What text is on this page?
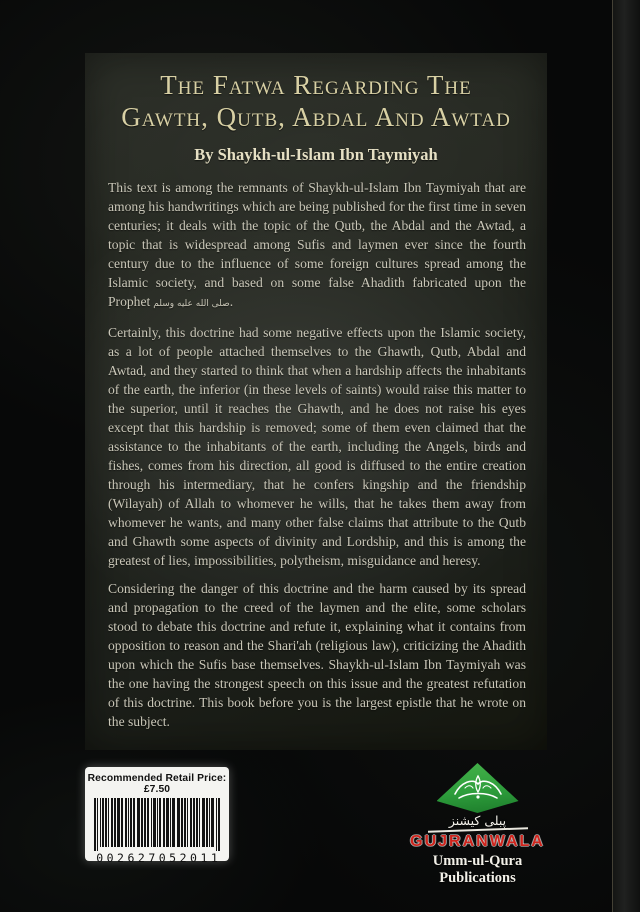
The Fatwa Regarding The
Gawth, Qutb, Abdal And Awtad
By Shaykh-ul-Islam Ibn Taymiyah

This text is among the remnants of Shaykh-ul-Islam Ibn Taymiyah that are among his handwritings which are being published for the first time in seven centuries; it deals with the topic of the Qutb, the Abdal and the Awtad, a topic that is widespread among Sufis and laymen ever since the fourth century due to the influence of some foreign cultures spread among the Islamic society, and based on some false Ahadith fabricated upon the Prophet صلى الله عليه وسلم.

Certainly, this doctrine had some negative effects upon the Islamic society, as a lot of people attached themselves to the Ghawth, Qutb, Abdal and Awtad, and they started to think that when a hardship affects the inhabitants of the earth, the inferior (in these levels of saints) would raise this matter to the superior, until it reaches the Ghawth, and he does not raise his eyes except that this hardship is removed; some of them even claimed that the assistance to the inhabitants of the earth, including the Angels, birds and fishes, comes from his direction, all good is diffused to the entire creation through his intermediary, that he confers kingship and the friendship (Wilayah) of Allah to whomever he wills, that he takes them away from whomever he wants, and many other false claims that attribute to the Qutb and Ghawth some aspects of divinity and Lordship, and this is among the greatest of lies, impossibilities, polytheism, misguidance and heresy.

Considering the danger of this doctrine and the harm caused by its spread and propagation to the creed of the laymen and the elite, some scholars stood to debate this doctrine and refute it, explaining what it contains from opposition to reason and the Shari'ah (religious law), criticizing the Ahadith upon which the Sufis base themselves. Shaykh-ul-Islam Ibn Taymiyah was the one having the strongest speech on this issue and the greatest refutation of this doctrine. This book before you is the largest epistle that he wrote on the subject.

Recommended Retail Price: £7.50
002627052011
پبلی کیشنز
GUJRANWALA
Umm-ul-Qura Publications
